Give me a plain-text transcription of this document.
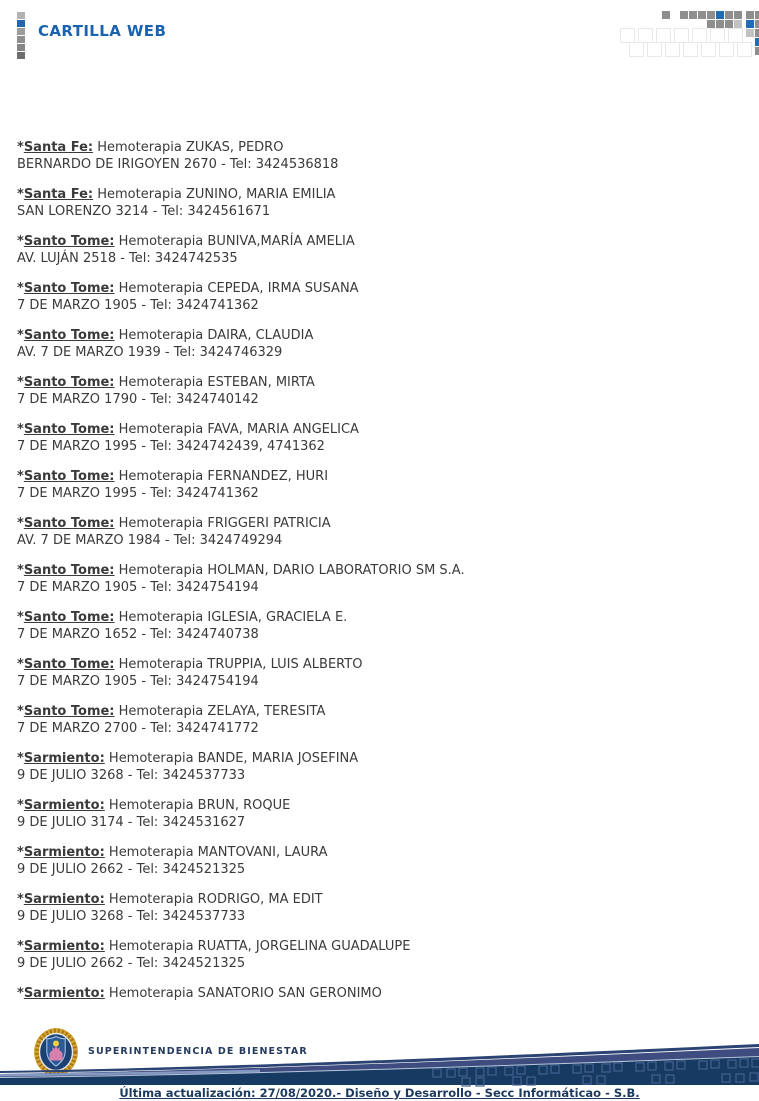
CARTILLA WEB

*Santa Fe: Hemoterapia ZUKAS, PEDRO
BERNARDO DE IRIGOYEN 2670 - Tel: 3424536818

*Santa Fe: Hemoterapia ZUNINO, MARIA EMILIA
SAN LORENZO 3214 - Tel: 3424561671

*Santo Tome: Hemoterapia BUNIVA,MARÍA AMELIA
AV. LUJÁN 2518 - Tel: 3424742535

*Santo Tome: Hemoterapia CEPEDA, IRMA SUSANA
7 DE MARZO 1905 - Tel: 3424741362

*Santo Tome: Hemoterapia DAIRA, CLAUDIA
AV. 7 DE MARZO 1939 - Tel: 3424746329

*Santo Tome: Hemoterapia ESTEBAN, MIRTA
7 DE MARZO 1790 - Tel: 3424740142

*Santo Tome: Hemoterapia FAVA, MARIA ANGELICA
7 DE MARZO 1995 - Tel: 3424742439, 4741362

*Santo Tome: Hemoterapia FERNANDEZ, HURI
7 DE MARZO 1995 - Tel: 3424741362

*Santo Tome: Hemoterapia FRIGGERI PATRICIA
AV. 7 DE MARZO 1984 - Tel: 3424749294

*Santo Tome: Hemoterapia HOLMAN, DARIO LABORATORIO SM S.A.
7 DE MARZO 1905 - Tel: 3424754194

*Santo Tome: Hemoterapia IGLESIA, GRACIELA E.
7 DE MARZO 1652 - Tel: 3424740738

*Santo Tome: Hemoterapia TRUPPIA, LUIS ALBERTO
7 DE MARZO 1905 - Tel: 3424754194

*Santo Tome: Hemoterapia ZELAYA, TERESITA
7 DE MARZO 2700 - Tel: 3424741772

*Sarmiento: Hemoterapia BANDE, MARIA JOSEFINA
9 DE JULIO 3268 - Tel: 3424537733

*Sarmiento: Hemoterapia BRUN, ROQUE
9 DE JULIO 3174 - Tel: 3424531627

*Sarmiento: Hemoterapia MANTOVANI, LAURA
9 DE JULIO 2662 - Tel: 3424521325

*Sarmiento: Hemoterapia RODRIGO, MA EDIT
9 DE JULIO 3268 - Tel: 3424537733

*Sarmiento: Hemoterapia RUATTA, JORGELINA GUADALUPE
9 DE JULIO 2662 - Tel: 3424521325

*Sarmiento: Hemoterapia SANATORIO SAN GERONIMO

SUPERINTENDENCIA DE BIENESTAR
Última actualización: 27/08/2020.- Diseño y Desarrollo - Secc Informáticao - S.B.
